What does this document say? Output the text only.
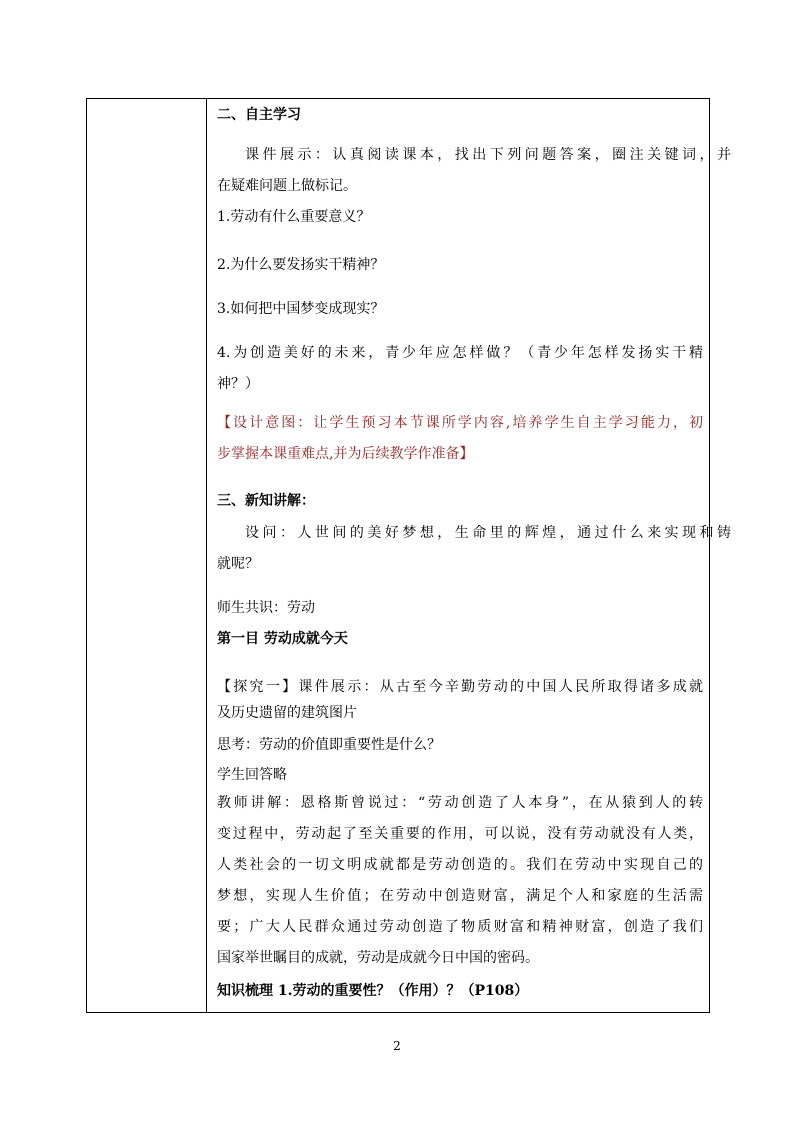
二、自主学习
课件展示：认真阅读课本，找出下列问题答案，圈注关键词，并
在疑难问题上做标记。
1.劳动有什么重要意义？
2.为什么要发扬实干精神？
3.如何把中国梦变成现实？
4.为创造美好的未来，青少年应怎样做？（青少年怎样发扬实干精
神？）
【设计意图：让学生预习本节课所学内容,培养学生自主学习能力，初
步掌握本课重难点,并为后续教学作准备】
三、新知讲解：
设问：人世间的美好梦想，生命里的辉煌，通过什么来实现和铸
就呢？
师生共识：劳动
第一目 劳动成就今天
【探究一】课件展示：从古至今辛勤劳动的中国人民所取得诸多成就
及历史遗留的建筑图片
思考：劳动的价值即重要性是什么？
学生回答略
教师讲解：恩格斯曾说过：“劳动创造了人本身”，在从猿到人的转
变过程中，劳动起了至关重要的作用，可以说，没有劳动就没有人类，
人类社会的一切文明成就都是劳动创造的。我们在劳动中实现自己的
梦想，实现人生价值；在劳动中创造财富，满足个人和家庭的生活需
要；广大人民群众通过劳动创造了物质财富和精神财富，创造了我们
国家举世瞩目的成就，劳动是成就今日中国的密码。
知识梳理 1.劳动的重要性？（作用）？（P108）
2
